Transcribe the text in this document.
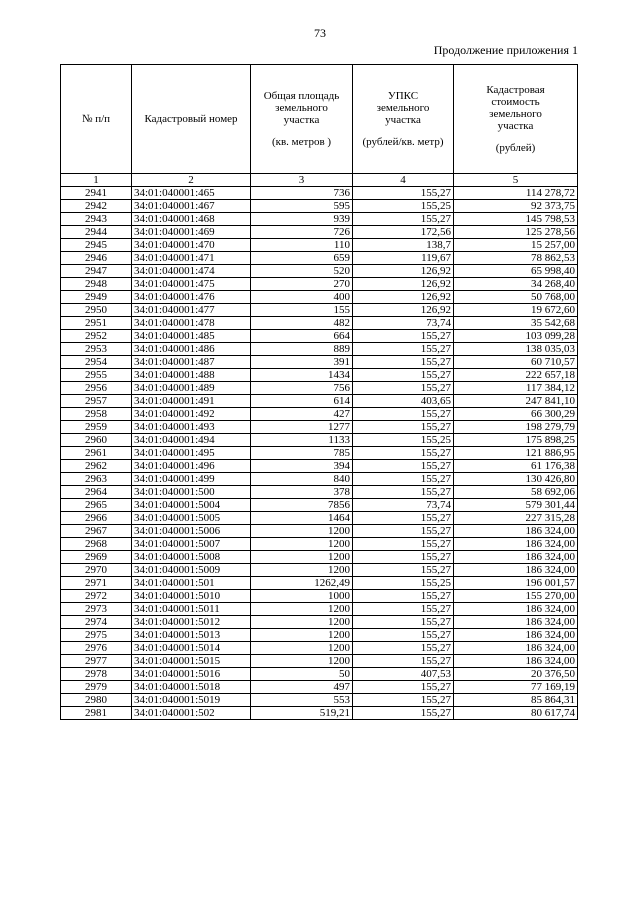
73
Продолжение приложения 1
№ п/п	Кадастровый номер	Общая площадь
земельного
участка
(кв. метров )	УПКС
земельного
участка
(рублей/кв. метр)	Кадастровая
стоимость
земельного
участка
(рублей)

1	2	3	4	5
2941	34:01:040001:465	736	155,27	114 278,72
2942	34:01:040001:467	595	155,25	92 373,75
2943	34:01:040001:468	939	155,27	145 798,53
2944	34:01:040001:469	726	172,56	125 278,56
2945	34:01:040001:470	110	138,7	15 257,00
2946	34:01:040001:471	659	119,67	78 862,53
2947	34:01:040001:474	520	126,92	65 998,40
2948	34:01:040001:475	270	126,92	34 268,40
2949	34:01:040001:476	400	126,92	50 768,00
2950	34:01:040001:477	155	126,92	19 672,60
2951	34:01:040001:478	482	73,74	35 542,68
2952	34:01:040001:485	664	155,27	103 099,28
2953	34:01:040001:486	889	155,27	138 035,03
2954	34:01:040001:487	391	155,27	60 710,57
2955	34:01:040001:488	1434	155,27	222 657,18
2956	34:01:040001:489	756	155,27	117 384,12
2957	34:01:040001:491	614	403,65	247 841,10
2958	34:01:040001:492	427	155,27	66 300,29
2959	34:01:040001:493	1277	155,27	198 279,79
2960	34:01:040001:494	1133	155,25	175 898,25
2961	34:01:040001:495	785	155,27	121 886,95
2962	34:01:040001:496	394	155,27	61 176,38
2963	34:01:040001:499	840	155,27	130 426,80
2964	34:01:040001:500	378	155,27	58 692,06
2965	34:01:040001:5004	7856	73,74	579 301,44
2966	34:01:040001:5005	1464	155,27	227 315,28
2967	34:01:040001:5006	1200	155,27	186 324,00
2968	34:01:040001:5007	1200	155,27	186 324,00
2969	34:01:040001:5008	1200	155,27	186 324,00
2970	34:01:040001:5009	1200	155,27	186 324,00
2971	34:01:040001:501	1262,49	155,25	196 001,57
2972	34:01:040001:5010	1000	155,27	155 270,00
2973	34:01:040001:5011	1200	155,27	186 324,00
2974	34:01:040001:5012	1200	155,27	186 324,00
2975	34:01:040001:5013	1200	155,27	186 324,00
2976	34:01:040001:5014	1200	155,27	186 324,00
2977	34:01:040001:5015	1200	155,27	186 324,00
2978	34:01:040001:5016	50	407,53	20 376,50
2979	34:01:040001:5018	497	155,27	77 169,19
2980	34:01:040001:5019	553	155,27	85 864,31
2981	34:01:040001:502	519,21	155,27	80 617,74
